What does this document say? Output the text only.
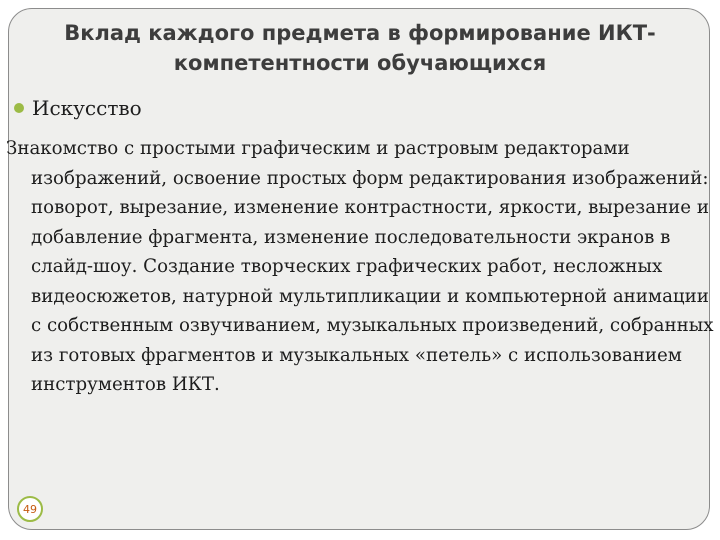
Вклад каждого предмета в формирование ИКТ-компетентности обучающихся
Искусство

Знакомство с простыми графическим и растровым редакторами изображений, освоение простых форм редактирования изображений: поворот, вырезание, изменение контрастности, яркости, вырезание и добавление фрагмента, изменение последовательности экранов в слайд-шоу. Создание творческих графических работ, несложных видеосюжетов, натурной мультипликации и компьютерной анимации с собственным озвучиванием, музыкальных произведений, собранных из готовых фрагментов и музыкальных «петель» с использованием инструментов ИКТ.

49
